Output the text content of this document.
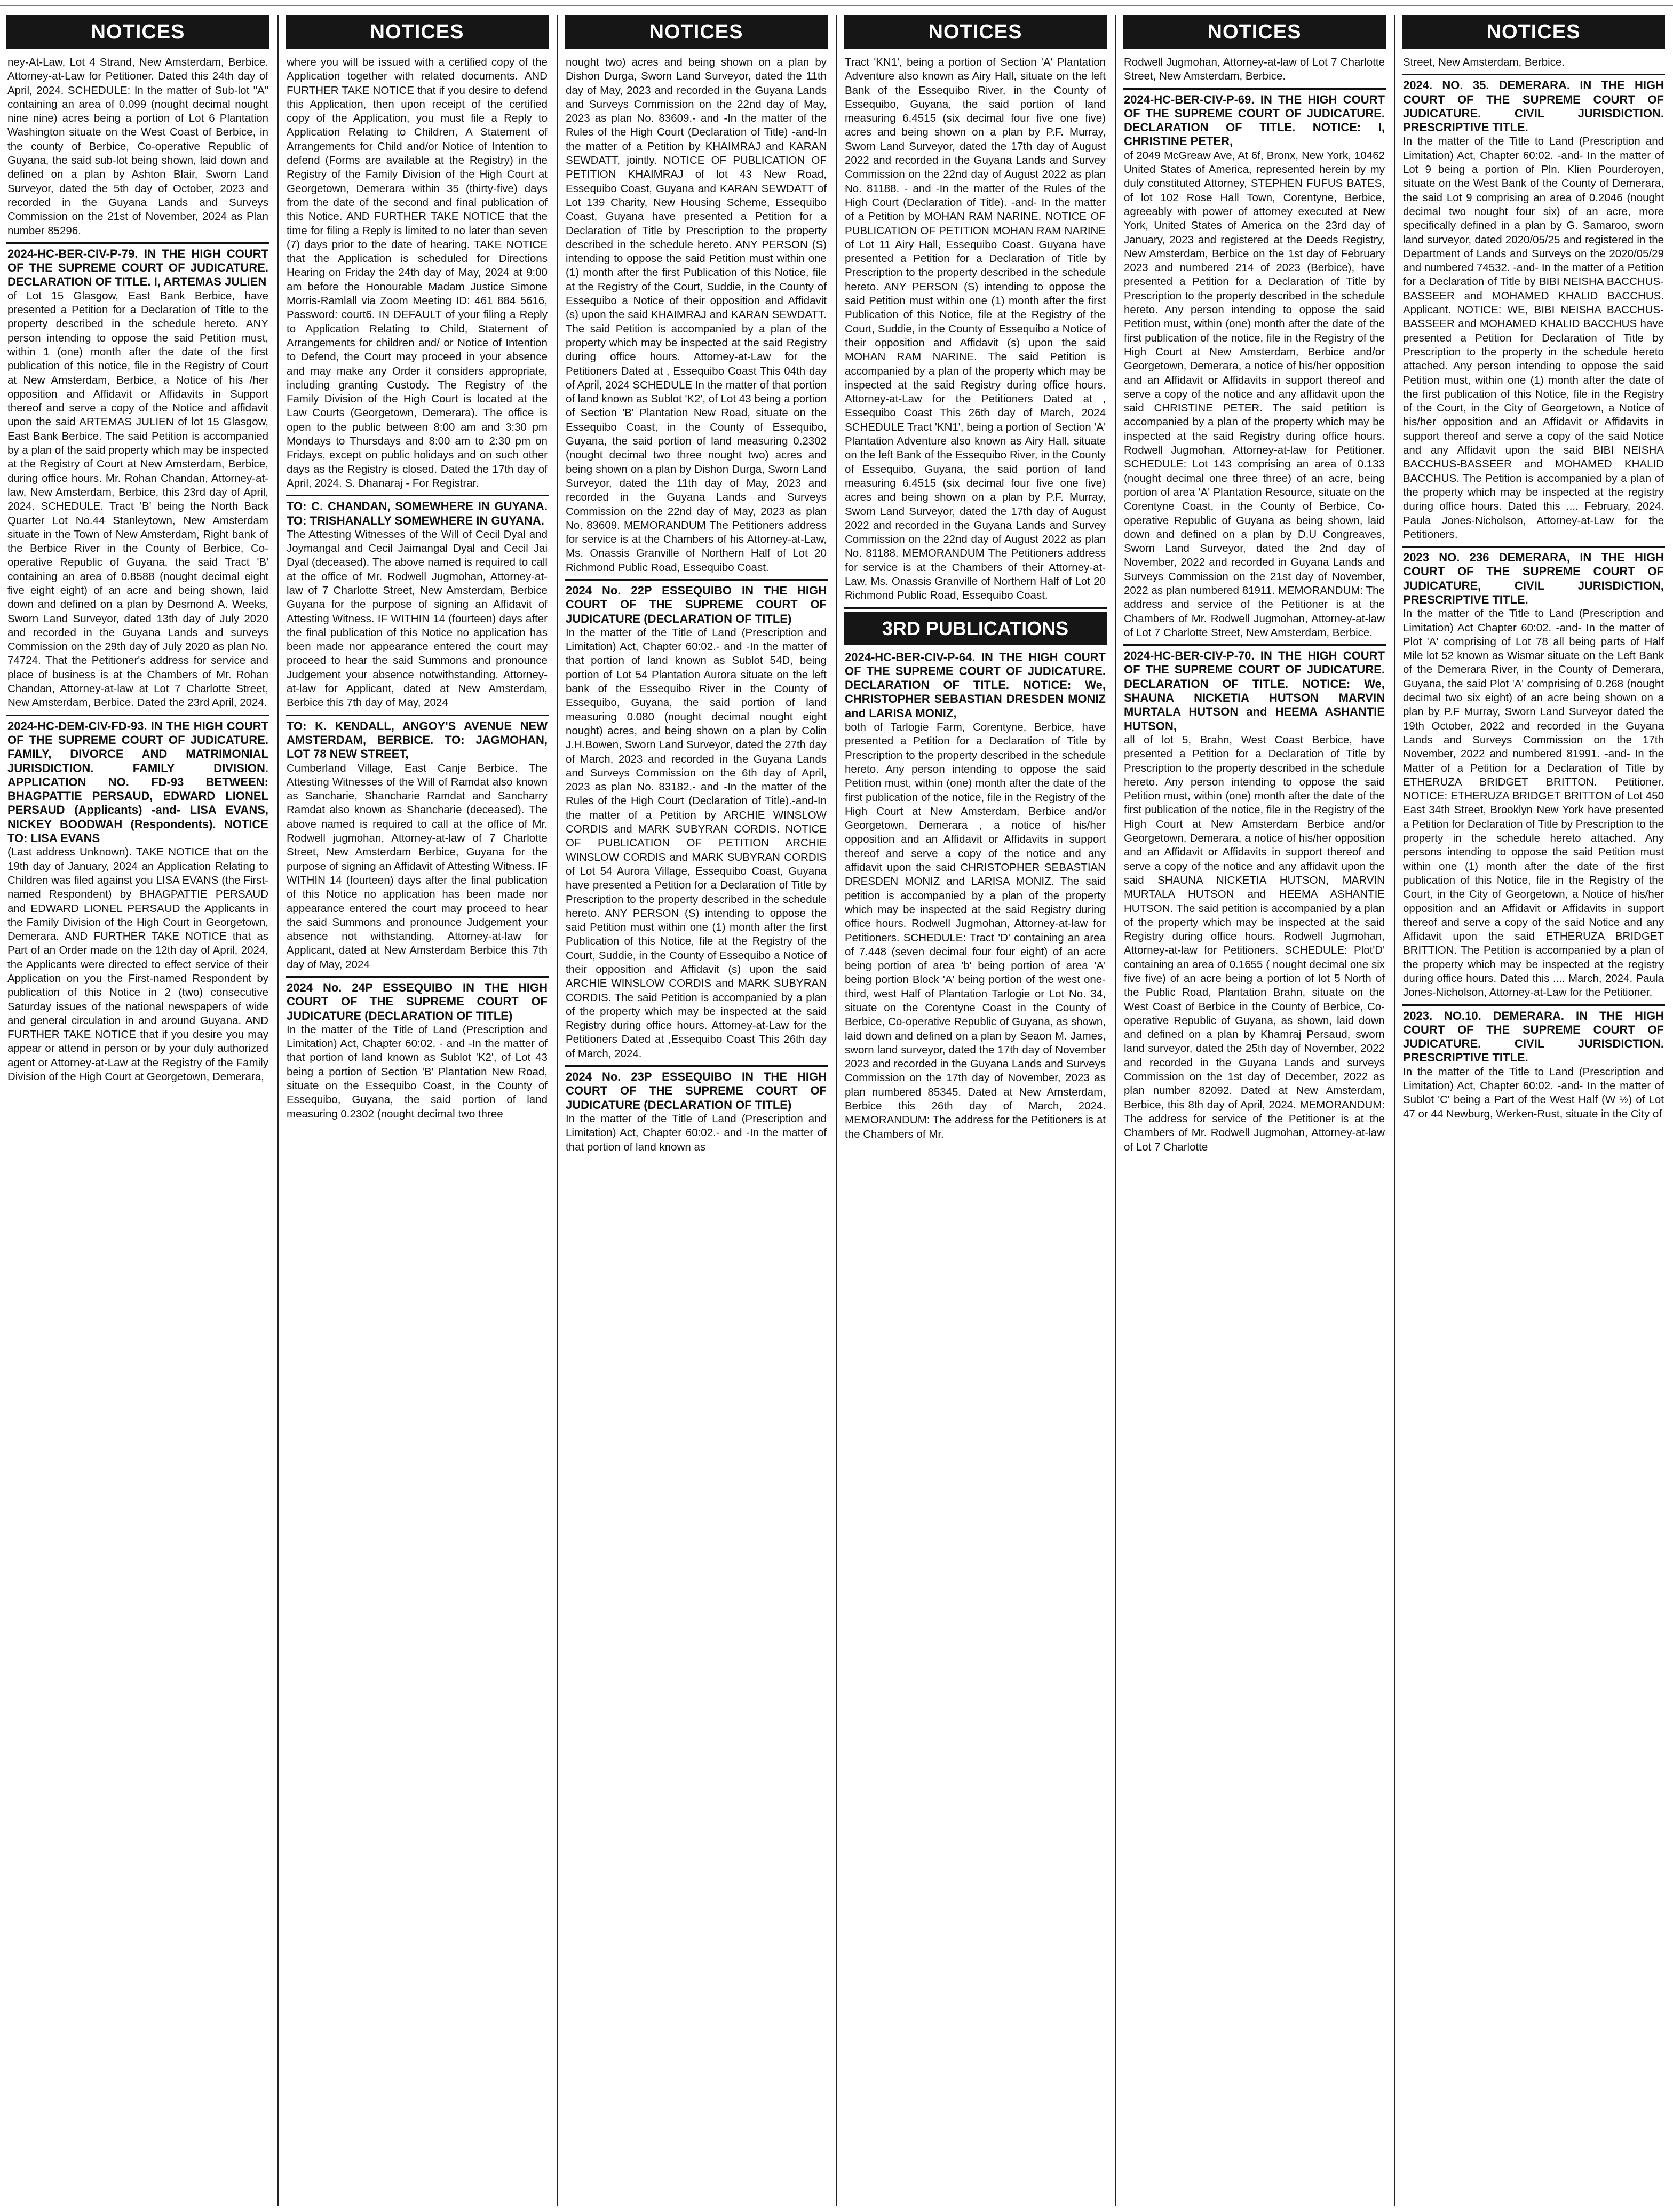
NOTICES

ney-At-Law, Lot 4 Strand, New Amsterdam, Berbice. Attorney-at-Law for Petitioner. Dated this 24th day of April, 2024. SCHEDULE: In the matter of Sub-lot "A" containing an area of 0.099 (nought decimal nought nine nine) acres being a portion of Lot 6 Plantation Washington situate on the West Coast of Berbice, in the county of Berbice, Co-operative Republic of Guyana, the said sub-lot being shown, laid down and defined on a plan by Ashton Blair, Sworn Land Surveyor, dated the 5th day of October, 2023 and recorded in the Guyana Lands and Surveys Commission on the 21st of November, 2024 as Plan number 85296.

2024-HC-BER-CIV-P-79. IN THE HIGH COURT OF THE SUPREME COURT OF JUDICATURE. DECLARATION OF TITLE. I, ARTEMAS JULIEN
of Lot 15 Glasgow, East Bank Berbice, have presented a Petition for a Declaration of Title to the property described in the schedule hereto. ANY person intending to oppose the said Petition must, within 1 (one) month after the date of the first publication of this notice, file in the Registry of Court at New Amsterdam, Berbice, a Notice of his /her opposition and Affidavit or Affidavits in Support thereof and serve a copy of the Notice and affidavit upon the said ARTEMAS JULIEN of lot 15 Glasgow, East Bank Berbice. The said Petition is accompanied by a plan of the said property which may be inspected at the Registry of Court at New Amsterdam, Berbice, during office hours. Mr. Rohan Chandan, Attorney-at-law, New Amsterdam, Berbice, this 23rd day of April, 2024. SCHEDULE. Tract 'B' being the North Back Quarter Lot No.44 Stanleytown, New Amsterdam situate in the Town of New Amsterdam, Right bank of the Berbice River in the County of Berbice, Co-operative Republic of Guyana, the said Tract 'B' containing an area of 0.8588 (nought decimal eight five eight eight) of an acre and being shown, laid down and defined on a plan by Desmond A. Weeks, Sworn Land Surveyor, dated 13th day of July 2020 and recorded in the Guyana Lands and surveys Commission on the 29th day of July 2020 as plan No. 74724. That the Petitioner's address for service and place of business is at the Chambers of Mr. Rohan Chandan, Attorney-at-law at Lot 7 Charlotte Street, New Amsterdam, Berbice. Dated the 23rd April, 2024.

2024-HC-DEM-CIV-FD-93. IN THE HIGH COURT OF THE SUPREME COURT OF JUDICATURE. FAMILY, DIVORCE AND MATRIMONIAL JURISDICTION. FAMILY DIVISION. APPLICATION NO. FD-93 BETWEEN: BHAGPATTIE PERSAUD, EDWARD LIONEL PERSAUD (Applicants) -and- LISA EVANS, NICKEY BOODWAH (Respondents). NOTICE TO: LISA EVANS
(Last address Unknown). TAKE NOTICE that on the 19th day of January, 2024 an Application Relating to Children was filed against you LISA EVANS (the First-named Respondent) by BHAGPATTIE PERSAUD and EDWARD LIONEL PERSAUD the Applicants in the Family Division of the High Court in Georgetown, Demerara. AND FURTHER TAKE NOTICE that as Part of an Order made on the 12th day of April, 2024, the Applicants were directed to effect service of their Application on you the First-named Respondent by publication of this Notice in 2 (two) consecutive Saturday issues of the national newspapers of wide and general circulation in and around Guyana. AND FURTHER TAKE NOTICE that if you desire you may appear or attend in person or by your duly authorized agent or Attorney-at-Law at the Registry of the Family Division of the High Court at Georgetown, Demerara,

NOTICES

where you will be issued with a certified copy of the Application together with related documents. AND FURTHER TAKE NOTICE that if you desire to defend this Application, then upon receipt of the certified copy of the Application, you must file a Reply to Application Relating to Children, A Statement of Arrangements for Child and/or Notice of Intention to defend (Forms are available at the Registry) in the Registry of the Family Division of the High Court at Georgetown, Demerara within 35 (thirty-five) days from the date of the second and final publication of this Notice. AND FURTHER TAKE NOTICE that the time for filing a Reply is limited to no later than seven (7) days prior to the date of hearing. TAKE NOTICE that the Application is scheduled for Directions Hearing on Friday the 24th day of May, 2024 at 9:00 am before the Honourable Madam Justice Simone Morris-Ramlall via Zoom Meeting ID: 461 884 5616, Password: court6. IN DEFAULT of your filing a Reply to Application Relating to Child, Statement of Arrangements for children and/ or Notice of Intention to Defend, the Court may proceed in your absence and may make any Order it considers appropriate, including granting Custody. The Registry of the Family Division of the High Court is located at the Law Courts (Georgetown, Demerara). The office is open to the public between 8:00 am and 3:30 pm Mondays to Thursdays and 8:00 am to 2:30 pm on Fridays, except on public holidays and on such other days as the Registry is closed. Dated the 17th day of April, 2024. S. Dhanaraj - For Registrar.

TO: C. CHANDAN, SOMEWHERE IN GUYANA. TO: TRISHANALLY SOMEWHERE IN GUYANA.
The Attesting Witnesses of the Will of Cecil Dyal and Joymangal and Cecil Jaimangal Dyal and Cecil Jai Dyal (deceased). The above named is required to call at the office of Mr. Rodwell Jugmohan, Attorney-at-law of 7 Charlotte Street, New Amsterdam, Berbice Guyana for the purpose of signing an Affidavit of Attesting Witness. IF WITHIN 14 (fourteen) days after the final publication of this Notice no application has been made nor appearance entered the court may proceed to hear the said Summons and pronounce Judgement your absence notwithstanding. Attorney-at-law for Applicant, dated at New Amsterdam, Berbice this 7th day of May, 2024

TO: K. KENDALL, ANGOY'S AVENUE NEW AMSTERDAM, BERBICE. TO: JAGMOHAN, LOT 78 NEW STREET,
Cumberland Village, East Canje Berbice. The Attesting Witnesses of the Will of Ramdat also known as Sancharie, Shancharie Ramdat and Sancharry Ramdat also known as Shancharie (deceased). The above named is required to call at the office of Mr. Rodwell jugmohan, Attorney-at-law of 7 Charlotte Street, New Amsterdam Berbice, Guyana for the purpose of signing an Affidavit of Attesting Witness. IF WITHIN 14 (fourteen) days after the final publication of this Notice no application has been made nor appearance entered the court may proceed to hear the said Summons and pronounce Judgement your absence not withstanding. Attorney-at-law for Applicant, dated at New Amsterdam Berbice this 7th day of May, 2024

2024 No. 24P ESSEQUIBO IN THE HIGH COURT OF THE SUPREME COURT OF JUDICATURE (DECLARATION OF TITLE)
In the matter of the Title of Land (Prescription and Limitation) Act, Chapter 60:02. - and -In the matter of that portion of land known as Sublot 'K2', of Lot 43 being a portion of Section 'B' Plantation New Road, situate on the Essequibo Coast, in the County of Essequibo, Guyana, the said portion of land measuring 0.2302 (nought decimal two three

NOTICES

nought two) acres and being shown on a plan by Dishon Durga, Sworn Land Surveyor, dated the 11th day of May, 2023 and recorded in the Guyana Lands and Surveys Commission on the 22nd day of May, 2023 as plan No. 83609.- and -In the matter of the Rules of the High Court (Declaration of Title) -and-In the matter of a Petition by KHAIMRAJ and KARAN SEWDATT, jointly. NOTICE OF PUBLICATION OF PETITION KHAIMRAJ of lot 43 New Road, Essequibo Coast, Guyana and KARAN SEWDATT of Lot 139 Charity, New Housing Scheme, Essequibo Coast, Guyana have presented a Petition for a Declaration of Title by Prescription to the property described in the schedule hereto. ANY PERSON (S) intending to oppose the said Petition must within one (1) month after the first Publication of this Notice, file at the Registry of the Court, Suddie, in the County of Essequibo a Notice of their opposition and Affidavit (s) upon the said KHAIMRAJ and KARAN SEWDATT. The said Petition is accompanied by a plan of the property which may be inspected at the said Registry during office hours. Attorney-at-Law for the Petitioners Dated at , Essequibo Coast This 04th day of April, 2024 SCHEDULE In the matter of that portion of land known as Sublot 'K2', of Lot 43 being a portion of Section 'B' Plantation New Road, situate on the Essequibo Coast, in the County of Essequibo, Guyana, the said portion of land measuring 0.2302 (nought decimal two three nought two) acres and being shown on a plan by Dishon Durga, Sworn Land Surveyor, dated the 11th day of May, 2023 and recorded in the Guyana Lands and Surveys Commission on the 22nd day of May, 2023 as plan No. 83609. MEMORANDUM The Petitioners address for service is at the Chambers of his Attorney-at-Law, Ms. Onassis Granville of Northern Half of Lot 20 Richmond Public Road, Essequibo Coast.

2024 No. 22P ESSEQUIBO IN THE HIGH COURT OF THE SUPREME COURT OF JUDICATURE (DECLARATION OF TITLE)
In the matter of the Title of Land (Prescription and Limitation) Act, Chapter 60:02.- and -In the matter of that portion of land known as Sublot 54D, being portion of Lot 54 Plantation Aurora situate on the left bank of the Essequibo River in the County of Essequibo, Guyana, the said portion of land measuring 0.080 (nought decimal nought eight nought) acres, and being shown on a plan by Colin J.H.Bowen, Sworn Land Surveyor, dated the 27th day of March, 2023 and recorded in the Guyana Lands and Surveys Commission on the 6th day of April, 2023 as plan No. 83182.- and -In the matter of the Rules of the High Court (Declaration of Title).-and-In the matter of a Petition by ARCHIE WINSLOW CORDIS and MARK SUBYRAN CORDIS. NOTICE OF PUBLICATION OF PETITION ARCHIE WINSLOW CORDIS and MARK SUBYRAN CORDIS of Lot 54 Aurora Village, Essequibo Coast, Guyana have presented a Petition for a Declaration of Title by Prescription to the property described in the schedule hereto. ANY PERSON (S) intending to oppose the said Petition must within one (1) month after the first Publication of this Notice, file at the Registry of the Court, Suddie, in the County of Essequibo a Notice of their opposition and Affidavit (s) upon the said ARCHIE WINSLOW CORDIS and MARK SUBYRAN CORDIS. The said Petition is accompanied by a plan of the property which may be inspected at the said Registry during office hours. Attorney-at-Law for the Petitioners Dated at ,Essequibo Coast This 26th day of March, 2024.

2024 No. 23P ESSEQUIBO IN THE HIGH COURT OF THE SUPREME COURT OF JUDICATURE (DECLARATION OF TITLE)
In the matter of the Title of Land (Prescription and Limitation) Act, Chapter 60:02.- and -In the matter of that portion of land known as

NOTICES

Tract 'KN1', being a portion of Section 'A' Plantation Adventure also known as Airy Hall, situate on the left Bank of the Essequibo River, in the County of Essequibo, Guyana, the said portion of land measuring 6.4515 (six decimal four five one five) acres and being shown on a plan by P.F. Murray, Sworn Land Surveyor, dated the 17th day of August 2022 and recorded in the Guyana Lands and Survey Commission on the 22nd day of August 2022 as plan No. 81188. - and -In the matter of the Rules of the High Court (Declaration of Title). -and- In the matter of a Petition by MOHAN RAM NARINE. NOTICE OF PUBLICATION OF PETITION MOHAN RAM NARINE of Lot 11 Airy Hall, Essequibo Coast. Guyana have presented a Petition for a Declaration of Title by Prescription to the property described in the schedule hereto. ANY PERSON (S) intending to oppose the said Petition must within one (1) month after the first Publication of this Notice, file at the Registry of the Court, Suddie, in the County of Essequibo a Notice of their opposition and Affidavit (s) upon the said MOHAN RAM NARINE. The said Petition is accompanied by a plan of the property which may be inspected at the said Registry during office hours. Attorney-at-Law for the Petitioners Dated at , Essequibo Coast This 26th day of March, 2024 SCHEDULE Tract 'KN1', being a portion of Section 'A' Plantation Adventure also known as Airy Hall, situate on the left Bank of the Essequibo River, in the County of Essequibo, Guyana, the said portion of land measuring 6.4515 (six decimal four five one five) acres and being shown on a plan by P.F. Murray, Sworn Land Surveyor, dated the 17th day of August 2022 and recorded in the Guyana Lands and Survey Commission on the 22nd day of August 2022 as plan No. 81188. MEMORANDUM The Petitioners address for service is at the Chambers of their Attorney-at-Law, Ms. Onassis Granville of Northern Half of Lot 20 Richmond Public Road, Essequibo Coast.

3RD PUBLICATIONS

2024-HC-BER-CIV-P-64. IN THE HIGH COURT OF THE SUPREME COURT OF JUDICATURE. DECLARATION OF TITLE. NOTICE: We, CHRISTOPHER SEBASTIAN DRESDEN MONIZ and LARISA MONIZ,
both of Tarlogie Farm, Corentyne, Berbice, have presented a Petition for a Declaration of Title by Prescription to the property described in the schedule hereto. Any person intending to oppose the said Petition must, within (one) month after the date of the first publication of the notice, file in the Registry of the High Court at New Amsterdam, Berbice and/or Georgetown, Demerara , a notice of his/her opposition and an Affidavit or Affidavits in support thereof and serve a copy of the notice and any affidavit upon the said CHRISTOPHER SEBASTIAN DRESDEN MONIZ and LARISA MONIZ. The said petition is accompanied by a plan of the property which may be inspected at the said Registry during office hours. Rodwell Jugmohan, Attorney-at-law for Petitioners. SCHEDULE: Tract 'D' containing an area of 7.448 (seven decimal four four eight) of an acre being portion of area 'b' being portion of area 'A' being portion Block 'A' being portion of the west one-third, west Half of Plantation Tarlogie or Lot No. 34, situate on the Corentyne Coast in the County of Berbice, Co-operative Republic of Guyana, as shown, laid down and defined on a plan by Seaon M. James, sworn land surveyor, dated the 17th day of November 2023 and recorded in the Guyana Lands and Surveys Commission on the 17th day of November, 2023 as plan numbered 85345. Dated at New Amsterdam, Berbice this 26th day of March, 2024. MEMORANDUM: The address for the Petitioners is at the Chambers of Mr.

NOTICES

Rodwell Jugmohan, Attorney-at-law of Lot 7 Charlotte Street, New Amsterdam, Berbice.

2024-HC-BER-CIV-P-69. IN THE HIGH COURT OF THE SUPREME COURT OF JUDICATURE. DECLARATION OF TITLE. NOTICE: I, CHRISTINE PETER,
of 2049 McGreaw Ave, At 6f, Bronx, New York, 10462 United States of America, represented herein by my duly constituted Attorney, STEPHEN FUFUS BATES, of lot 102 Rose Hall Town, Corentyne, Berbice, agreeably with power of attorney executed at New York, United States of America on the 23rd day of January, 2023 and registered at the Deeds Registry, New Amsterdam, Berbice on the 1st day of February 2023 and numbered 214 of 2023 (Berbice), have presented a Petition for a Declaration of Title by Prescription to the property described in the schedule hereto. Any person intending to oppose the said Petition must, within (one) month after the date of the first publication of the notice, file in the Registry of the High Court at New Amsterdam, Berbice and/or Georgetown, Demerara, a notice of his/her opposition and an Affidavit or Affidavits in support thereof and serve a copy of the notice and any affidavit upon the said CHRISTINE PETER. The said petition is accompanied by a plan of the property which may be inspected at the said Registry during office hours. Rodwell Jugmohan, Attorney-at-law for Petitioner. SCHEDULE: Lot 143 comprising an area of 0.133 (nought decimal one three three) of an acre, being portion of area 'A' Plantation Resource, situate on the Corentyne Coast, in the County of Berbice, Co-operative Republic of Guyana as being shown, laid down and defined on a plan by D.U Congreaves, Sworn Land Surveyor, dated the 2nd day of November, 2022 and recorded in Guyana Lands and Surveys Commission on the 21st day of November, 2022 as plan numbered 81911. MEMORANDUM: The address and service of the Petitioner is at the Chambers of Mr. Rodwell Jugmohan, Attorney-at-law of Lot 7 Charlotte Street, New Amsterdam, Berbice.

2024-HC-BER-CIV-P-70. IN THE HIGH COURT OF THE SUPREME COURT OF JUDICATURE. DECLARATION OF TITLE. NOTICE: We, SHAUNA NICKETIA HUTSON MARVIN MURTALA HUTSON and HEEMA ASHANTIE HUTSON,
all of lot 5, Brahn, West Coast Berbice, have presented a Petition for a Declaration of Title by Prescription to the property described in the schedule hereto. Any person intending to oppose the said Petition must, within (one) month after the date of the first publication of the notice, file in the Registry of the High Court at New Amsterdam Berbice and/or Georgetown, Demerara, a notice of his/her opposition and an Affidavit or Affidavits in support thereof and serve a copy of the notice and any affidavit upon the said SHAUNA NICKETIA HUTSON, MARVIN MURTALA HUTSON and HEEMA ASHANTIE HUTSON. The said petition is accompanied by a plan of the property which may be inspected at the said Registry during office hours. Rodwell Jugmohan, Attorney-at-law for Petitioners. SCHEDULE: Plot'D' containing an area of 0.1655 ( nought decimal one six five five) of an acre being a portion of lot 5 North of the Public Road, Plantation Brahn, situate on the West Coast of Berbice in the County of Berbice, Co-operative Republic of Guyana, as shown, laid down and defined on a plan by Khamraj Persaud, sworn land surveyor, dated the 25th day of November, 2022 and recorded in the Guyana Lands and surveys Commission on the 1st day of December, 2022 as plan number 82092. Dated at New Amsterdam, Berbice, this 8th day of April, 2024. MEMORANDUM: The address for service of the Petitioner is at the Chambers of Mr. Rodwell Jugmohan, Attorney-at-law of Lot 7 Charlotte

NOTICES

Street, New Amsterdam, Berbice.

2024. NO. 35. DEMERARA. IN THE HIGH COURT OF THE SUPREME COURT OF JUDICATURE. CIVIL JURISDICTION. PRESCRIPTIVE TITLE.
In the matter of the Title to Land (Prescription and Limitation) Act, Chapter 60:02. -and- In the matter of Lot 9 being a portion of Pln. Klien Pourderoyen, situate on the West Bank of the County of Demerara, the said Lot 9 comprising an area of 0.2046 (nought decimal two nought four six) of an acre, more specifically defined in a plan by G. Samaroo, sworn land surveyor, dated 2020/05/25 and registered in the Department of Lands and Surveys on the 2020/05/29 and numbered 74532. -and- In the matter of a Petition for a Declaration of Title by BIBI NEISHA BACCHUS-BASSEER and MOHAMED KHALID BACCHUS. Applicant. NOTICE: WE, BIBI NEISHA BACCHUS-BASSEER and MOHAMED KHALID BACCHUS have presented a Petition for Declaration of Title by Prescription to the property in the schedule hereto attached. Any person intending to oppose the said Petition must, within one (1) month after the date of the first publication of this Notice, file in the Registry of the Court, in the City of Georgetown, a Notice of his/her opposition and an Affidavit or Affidavits in support thereof and serve a copy of the said Notice and any Affidavit upon the said BIBI NEISHA BACCHUS-BASSEER and MOHAMED KHALID BACCHUS. The Petition is accompanied by a plan of the property which may be inspected at the registry during office hours. Dated this .... February, 2024. Paula Jones-Nicholson, Attorney-at-Law for the Petitioners.

2023 NO. 236 DEMERARA, IN THE HIGH COURT OF THE SUPREME COURT OF JUDICATURE, CIVIL JURISDICTION, PRESCRIPTIVE TITLE.
In the matter of the Title to Land (Prescription and Limitation) Act Chapter 60:02. -and- In the matter of Plot 'A' comprising of Lot 78 all being parts of Half Mile lot 52 known as Wismar situate on the Left Bank of the Demerara River, in the County of Demerara, Guyana, the said Plot 'A' comprising of 0.268 (nought decimal two six eight) of an acre being shown on a plan by P.F Murray, Sworn Land Surveyor dated the 19th October, 2022 and recorded in the Guyana Lands and Surveys Commission on the 17th November, 2022 and numbered 81991. -and- In the Matter of a Petition for a Declaration of Title by ETHERUZA BRIDGET BRITTON. Petitioner. NOTICE: ETHERUZA BRIDGET BRITTON of Lot 450 East 34th Street, Brooklyn New York have presented a Petition for Declaration of Title by Prescription to the property in the schedule hereto attached. Any persons intending to oppose the said Petition must within one (1) month after the date of the first publication of this Notice, file in the Registry of the Court, in the City of Georgetown, a Notice of his/her opposition and an Affidavit or Affidavits in support thereof and serve a copy of the said Notice and any Affidavit upon the said ETHERUZA BRIDGET BRITTION. The Petition is accompanied by a plan of the property which may be inspected at the registry during office hours. Dated this .... March, 2024. Paula Jones-Nicholson, Attorney-at-Law for the Petitioner.

2023. NO.10. DEMERARA. IN THE HIGH COURT OF THE SUPREME COURT OF JUDICATURE. CIVIL JURISDICTION. PRESCRIPTIVE TITLE.
In the matter of the Title to Land (Prescription and Limitation) Act, Chapter 60:02. -and- In the matter of Sublot 'C' being a Part of the West Half (W ½) of Lot 47 or 44 Newburg, Werken-Rust, situate in the City of
